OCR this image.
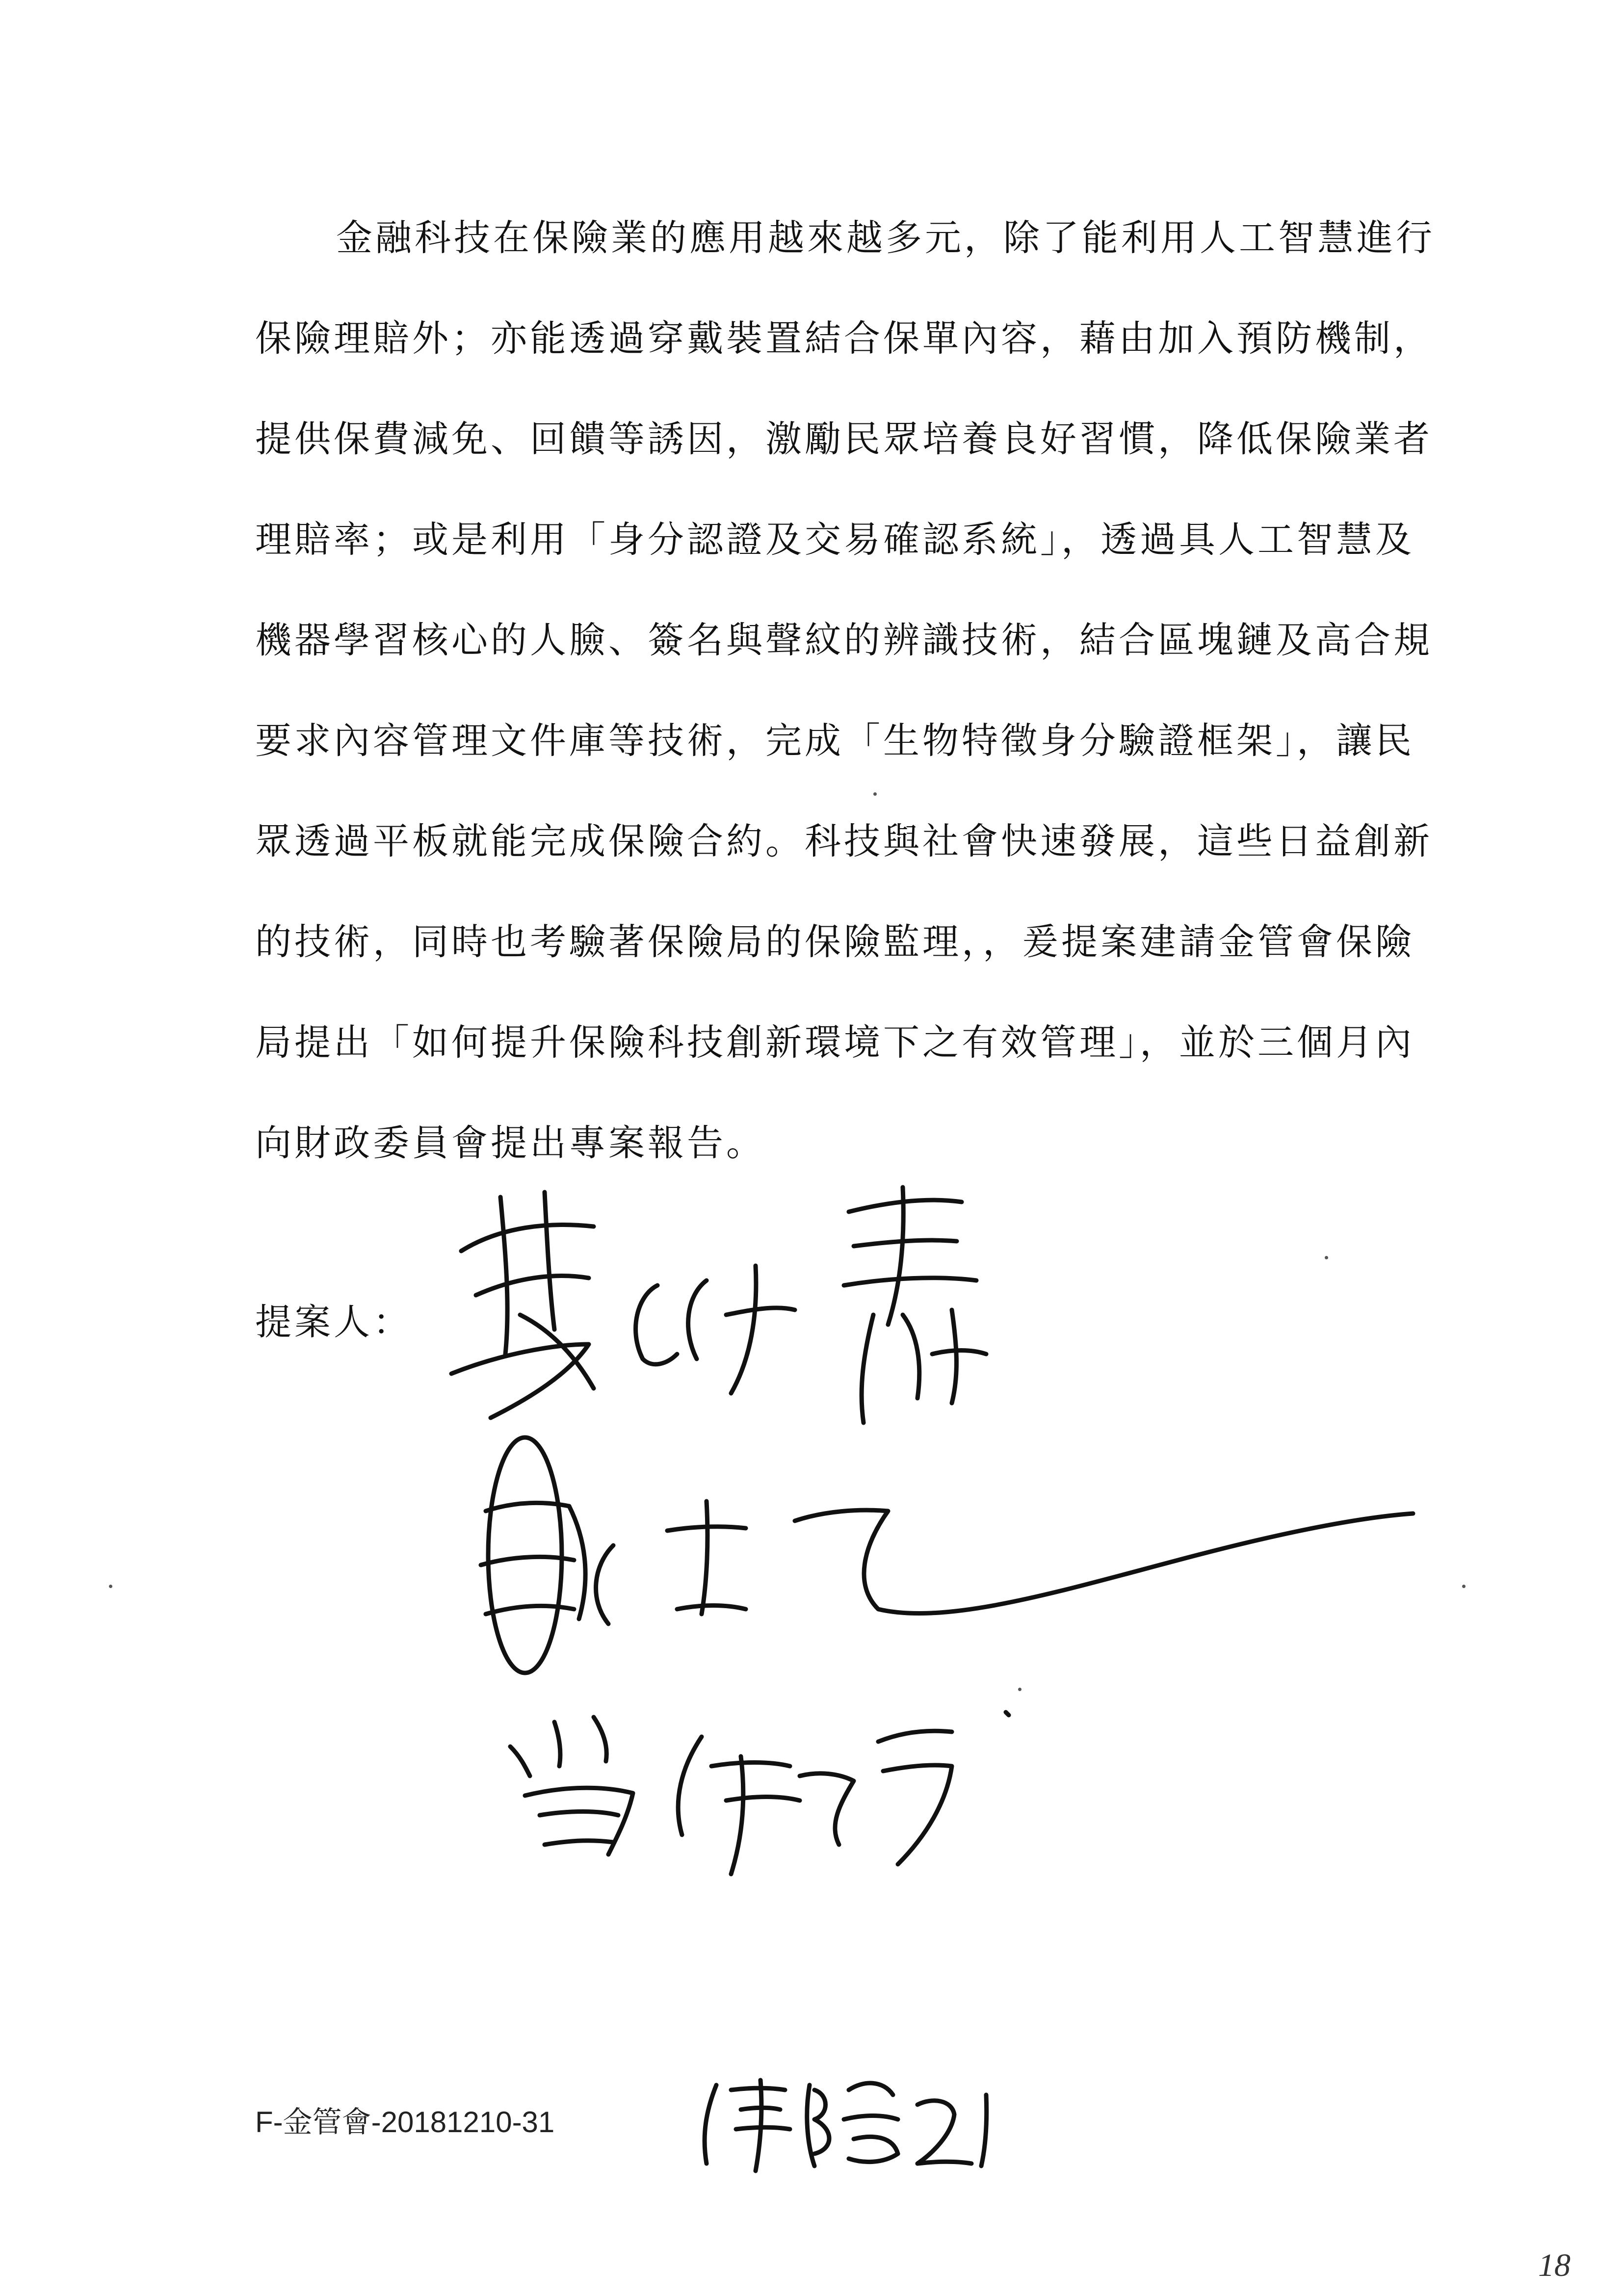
金融科技在保險業的應用越來越多元，除了能利用人工智慧進行
保險理賠外；亦能透過穿戴裝置結合保單內容，藉由加入預防機制，
提供保費減免、回饋等誘因，激勵民眾培養良好習慣，降低保險業者
理賠率；或是利用「身分認證及交易確認系統」，透過具人工智慧及
機器學習核心的人臉、簽名與聲紋的辨識技術，結合區塊鏈及高合規
要求內容管理文件庫等技術，完成「生物特徵身分驗證框架」，讓民
眾透過平板就能完成保險合約。科技與社會快速發展，這些日益創新
的技術，同時也考驗著保險局的保險監理，，爰提案建請金管會保險
局提出「如何提升保險科技創新環境下之有效管理」，並於三個月內
向財政委員會提出專案報告。
提案人：
F-金管會-20181210-31
18
